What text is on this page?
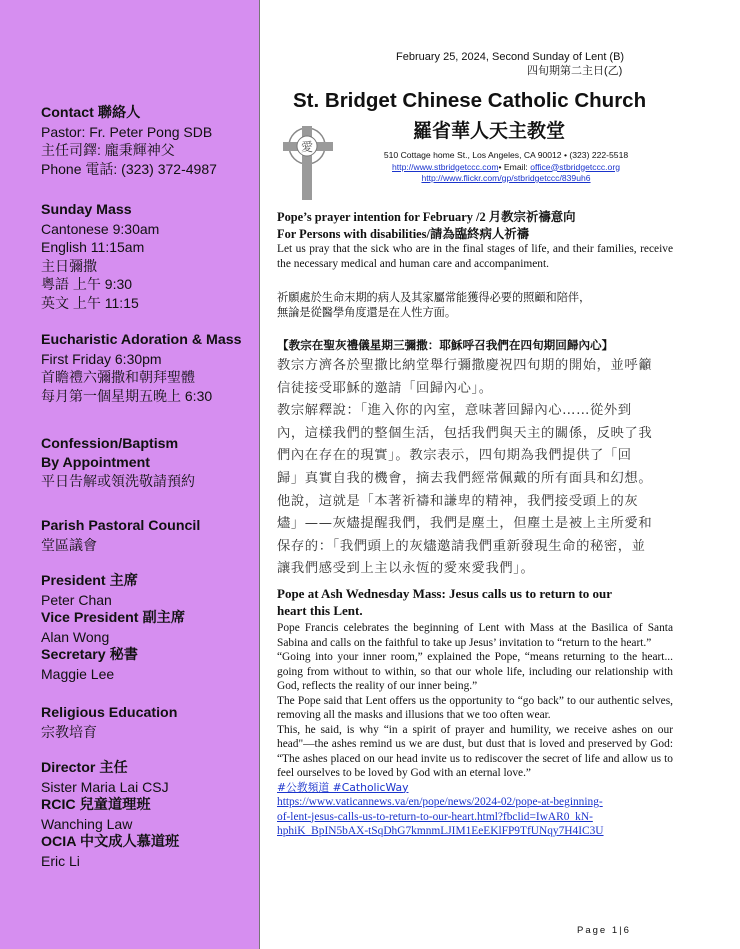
Contact 聯絡人
Pastor: Fr. Peter Pong SDB
主任司鐸: 龐秉輝神父
Phone 電話: (323) 372-4987
Sunday Mass
Cantonese 9:30am
English 11:15am
主日彌撒
粵語 上午 9:30
英文 上午 11:15
Eucharistic Adoration & Mass
First Friday 6:30pm
首瞻禮六彌撒和朝拜聖體
每月第一個星期五晚上 6:30
Confession/Baptism
By Appointment
平日告解或領洗敬請預約
Parish Pastoral Council
堂區議會
President 主席
Peter Chan
Vice President 副主席
Alan Wong
Secretary 秘書
Maggie Lee
Religious Education
宗教培育
Director 主任
Sister Maria Lai CSJ
RCIC 兒童道理班
Wanching Law
OCIA 中文成人慕道班
Eric Li
February 25, 2024, Second Sunday of Lent (B)
四旬期第二主日(乙)
St. Bridget Chinese Catholic Church
羅省華人天主教堂
愛
510 Cottage home St., Los Angeles, CA 90012 • (323) 222-5518
http://www.stbridgetccc.com• Email: office@stbridgetccc.org
http://www.flickr.com/gp/stbridgetccc/839uh6
Pope’s prayer intention for February /2 月教宗祈禱意向
For Persons with disabilities/請為臨終病人祈禱
Let us pray that the sick who are in the final stages of life, and their families, receive the necessary medical and human care and accompaniment.
祈願處於生命末期的病人及其家屬常能獲得必要的照顧和陪伴，
無論是從醫學角度還是在人性方面。
【教宗在聖灰禮儀星期三彌撒：耶穌呼召我們在四旬期回歸內心】
教宗方濟各於聖撒比納堂舉行彌撒慶祝四旬期的開始，並呼籲
信徒接受耶穌的邀請「回歸內心」。
教宗解釋說：「進入你的內室，意味著回歸內心……從外到
內，這樣我們的整個生活，包括我們與天主的關係，反映了我
們內在存在的現實」。教宗表示，四旬期為我們提供了「回
歸」真實自我的機會，摘去我們經常佩戴的所有面具和幻想。
他說，這就是「本著祈禱和謙卑的精神，我們接受頭上的灰
燼」——灰燼提醒我們，我們是塵土，但塵土是被上主所愛和
保存的：「我們頭上的灰燼邀請我們重新發現生命的秘密，並
讓我們感受到上主以永恆的愛來愛我們」。
Pope at Ash Wednesday Mass: Jesus calls us to return to our
heart this Lent.
Pope Francis celebrates the beginning of Lent with Mass at the Basilica of Santa Sabina and calls on the faithful to take up Jesus’ invitation to “return to the heart.”
“Going into your inner room,” explained the Pope, “means returning to the heart... going from without to within, so that our whole life, including our relationship with God, reflects the reality of our inner being.”
The Pope said that Lent offers us the opportunity to “go back” to our authentic selves, removing all the masks and illusions that we too often wear.
This, he said, is why “in a spirit of prayer and humility, we receive ashes on our head"—the ashes remind us we are dust, but dust that is loved and preserved by God: “The ashes placed on our head invite us to rediscover the secret of life and allow us to feel ourselves to be loved by God with an eternal love.”
#公教頻道 #CatholicWay
https://www.vaticannews.va/en/pope/news/2024-02/pope-at-beginning-
of-lent-jesus-calls-us-to-return-to-our-heart.html?fbclid=IwAR0_kN-
hphiK_BpIN5bAX-tSqDhG7kmnmLJIM1EeEKlFP9TfUNqy7H4IC3U
Page 1|6
